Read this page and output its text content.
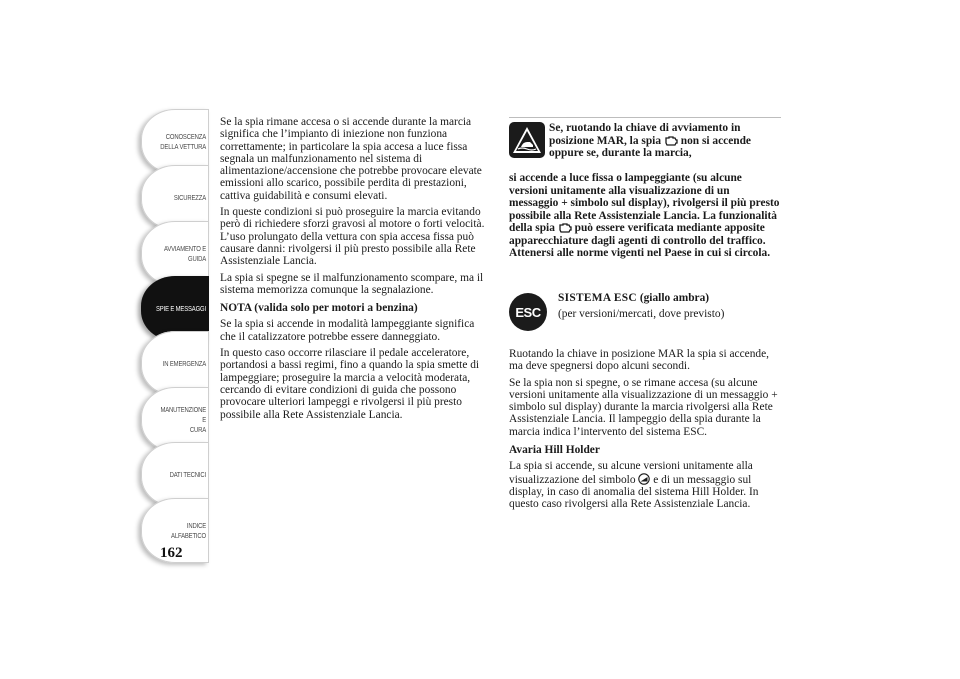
CONOSCENZA
DELLA VETTURA
SICUREZZA
AVVIAMENTO E
GUIDA
SPIE E MESSAGGI
IN EMERGENZA
MANUTENZIONE E
CURA
DATI TECNICI
INDICE
ALFABETICO
162

Se la spia rimane accesa o si accende durante la marcia significa che l’impianto di iniezione non funziona correttamente; in particolare la spia accesa a luce fissa segnala un malfunzionamento nel sistema di alimentazione/accensione che potrebbe provocare elevate emissioni allo scarico, possibile perdita di prestazioni, cattiva guidabilità e consumi elevati.

In queste condizioni si può proseguire la marcia evitando però di richiedere sforzi gravosi al motore o forti velocità. L’uso prolungato della vettura con spia accesa fissa può causare danni: rivolgersi il più presto possibile alla Rete Assistenziale Lancia.

La spia si spegne se il malfunzionamento scompare, ma il sistema memorizza comunque la segnalazione.

NOTA (valida solo per motori a benzina)

Se la spia si accende in modalità lampeggiante significa che il catalizzatore potrebbe essere danneggiato.

In questo caso occorre rilasciare il pedale acceleratore, portandosi a bassi regimi, fino a quando la spia smette di lampeggiare; proseguire la marcia a velocità moderata, cercando di evitare condizioni di guida che possono provocare ulteriori lampeggi e rivolgersi il più presto possibile alla Rete Assistenziale Lancia.

Se, ruotando la chiave di avviamento in posizione MAR, la spia non si accende oppure se, durante la marcia,
si accende a luce fissa o lampeggiante (su alcune versioni unitamente alla visualizzazione di un messaggio + simbolo sul display), rivolgersi il più presto possibile alla Rete Assistenziale Lancia. La funzionalità della spia può essere verificata mediante apposite apparecchiature dagli agenti di controllo del traffico. Attenersi alle norme vigenti nel Paese in cui si circola.
ESC
SISTEMA ESC (giallo ambra)
(per versioni/mercati, dove previsto)

Ruotando la chiave in posizione MAR la spia si accende, ma deve spegnersi dopo alcuni secondi.

Se la spia non si spegne, o se rimane accesa (su alcune versioni unitamente alla visualizzazione di un messaggio + simbolo sul display) durante la marcia rivolgersi alla Rete Assistenziale Lancia. Il lampeggio della spia durante la marcia indica l’intervento del sistema ESC.

Avaria Hill Holder

La spia si accende, su alcune versioni unitamente alla visualizzazione del simbolo e di un messaggio sul display, in caso di anomalia del sistema Hill Holder. In questo caso rivolgersi alla Rete Assistenziale Lancia.
